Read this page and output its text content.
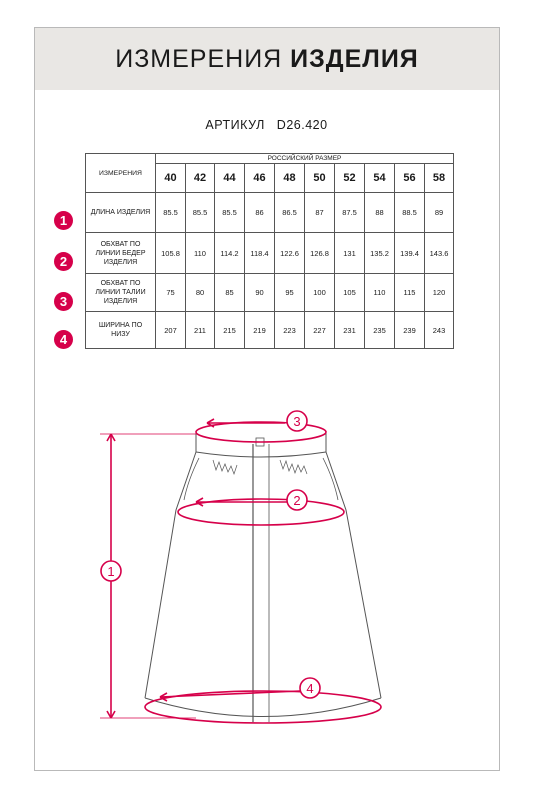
ИЗМЕРЕНИЯ ИЗДЕЛИЯ
АРТИКУЛ D26.420
ИЗМЕРЕНИЯ	РОССИЙСКИЙ РАЗМЕР									
	40	42	44	46	48	50	52	54	56	58
ДЛИНА ИЗДЕЛИЯ	85.5	85.5	85.5	86	86.5	87	87.5	88	88.5	89
ОБХВАТ ПО ЛИНИИ БЕДЕР ИЗДЕЛИЯ	105.8	110	114.2	118.4	122.6	126.8	131	135.2	139.4	143.6
ОБХВАТ ПО ЛИНИИ ТАЛИИ ИЗДЕЛИЯ	75	80	85	90	95	100	105	110	115	120
ШИРИНА ПО НИЗУ	207	211	215	219	223	227	231	235	239	243
1
2
3
4
3
2
1
4
